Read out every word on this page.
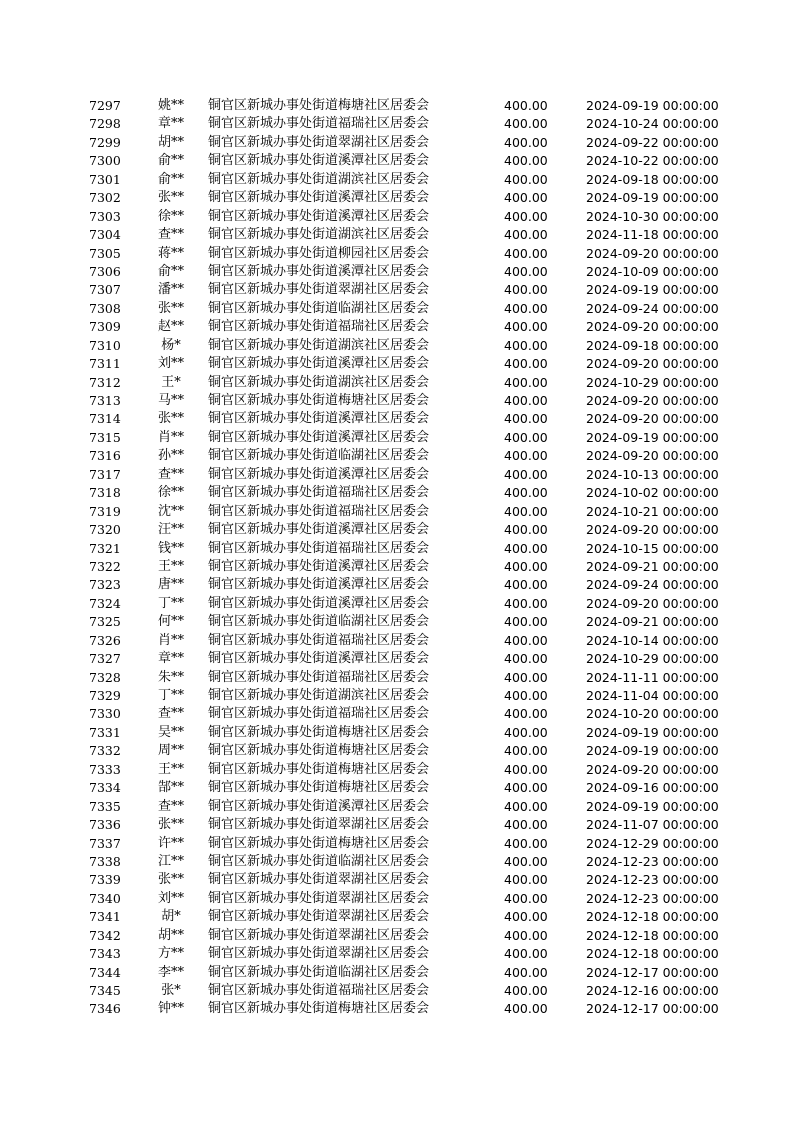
7297	姚** 铜官区新城办事处街道梅塘社区居委会	400.00	2024-09-19 00:00:00
7298	章** 铜官区新城办事处街道福瑞社区居委会	400.00	2024-10-24 00:00:00
7299	胡** 铜官区新城办事处街道翠湖社区居委会	400.00	2024-09-22 00:00:00
7300	俞** 铜官区新城办事处街道溪潭社区居委会	400.00	2024-10-22 00:00:00
7301	俞** 铜官区新城办事处街道湖滨社区居委会	400.00	2024-09-18 00:00:00
7302	张** 铜官区新城办事处街道溪潭社区居委会	400.00	2024-09-19 00:00:00
7303	徐** 铜官区新城办事处街道溪潭社区居委会	400.00	2024-10-30 00:00:00
7304	查** 铜官区新城办事处街道湖滨社区居委会	400.00	2024-11-18 00:00:00
7305	蒋** 铜官区新城办事处街道柳园社区居委会	400.00	2024-09-20 00:00:00
7306	俞** 铜官区新城办事处街道溪潭社区居委会	400.00	2024-10-09 00:00:00
7307	潘** 铜官区新城办事处街道翠湖社区居委会	400.00	2024-09-19 00:00:00
7308	张** 铜官区新城办事处街道临湖社区居委会	400.00	2024-09-24 00:00:00
7309	赵** 铜官区新城办事处街道福瑞社区居委会	400.00	2024-09-20 00:00:00
7310	杨*	铜官区新城办事处街道湖滨社区居委会	400.00	2024-09-18 00:00:00
7311	刘** 铜官区新城办事处街道溪潭社区居委会	400.00	2024-09-20 00:00:00
7312	王*	铜官区新城办事处街道湖滨社区居委会	400.00	2024-10-29 00:00:00
7313	马** 铜官区新城办事处街道梅塘社区居委会	400.00	2024-09-20 00:00:00
7314	张** 铜官区新城办事处街道溪潭社区居委会	400.00	2024-09-20 00:00:00
7315	肖** 铜官区新城办事处街道溪潭社区居委会	400.00	2024-09-19 00:00:00
7316	孙** 铜官区新城办事处街道临湖社区居委会	400.00	2024-09-20 00:00:00
7317	查** 铜官区新城办事处街道溪潭社区居委会	400.00	2024-10-13 00:00:00
7318	徐** 铜官区新城办事处街道福瑞社区居委会	400.00	2024-10-02 00:00:00
7319	沈** 铜官区新城办事处街道福瑞社区居委会	400.00	2024-10-21 00:00:00
7320	汪** 铜官区新城办事处街道溪潭社区居委会	400.00	2024-09-20 00:00:00
7321	钱** 铜官区新城办事处街道福瑞社区居委会	400.00	2024-10-15 00:00:00
7322	王** 铜官区新城办事处街道溪潭社区居委会	400.00	2024-09-21 00:00:00
7323	唐** 铜官区新城办事处街道溪潭社区居委会	400.00	2024-09-24 00:00:00
7324	丁** 铜官区新城办事处街道溪潭社区居委会	400.00	2024-09-20 00:00:00
7325	何** 铜官区新城办事处街道临湖社区居委会	400.00	2024-09-21 00:00:00
7326	肖** 铜官区新城办事处街道福瑞社区居委会	400.00	2024-10-14 00:00:00
7327	章** 铜官区新城办事处街道溪潭社区居委会	400.00	2024-10-29 00:00:00
7328	朱** 铜官区新城办事处街道福瑞社区居委会	400.00	2024-11-11 00:00:00
7329	丁** 铜官区新城办事处街道湖滨社区居委会	400.00	2024-11-04 00:00:00
7330	查** 铜官区新城办事处街道福瑞社区居委会	400.00	2024-10-20 00:00:00
7331	吴** 铜官区新城办事处街道梅塘社区居委会	400.00	2024-09-19 00:00:00
7332	周** 铜官区新城办事处街道梅塘社区居委会	400.00	2024-09-19 00:00:00
7333	王** 铜官区新城办事处街道梅塘社区居委会	400.00	2024-09-20 00:00:00
7334	郜** 铜官区新城办事处街道梅塘社区居委会	400.00	2024-09-16 00:00:00
7335	查** 铜官区新城办事处街道溪潭社区居委会	400.00	2024-09-19 00:00:00
7336	张** 铜官区新城办事处街道翠湖社区居委会	400.00	2024-11-07 00:00:00
7337	许** 铜官区新城办事处街道梅塘社区居委会	400.00	2024-12-29 00:00:00
7338	江** 铜官区新城办事处街道临湖社区居委会	400.00	2024-12-23 00:00:00
7339	张** 铜官区新城办事处街道翠湖社区居委会	400.00	2024-12-23 00:00:00
7340	刘** 铜官区新城办事处街道翠湖社区居委会	400.00	2024-12-23 00:00:00
7341	胡*	铜官区新城办事处街道翠湖社区居委会	400.00	2024-12-18 00:00:00
7342	胡** 铜官区新城办事处街道翠湖社区居委会	400.00	2024-12-18 00:00:00
7343	方** 铜官区新城办事处街道翠湖社区居委会	400.00	2024-12-18 00:00:00
7344	李** 铜官区新城办事处街道临湖社区居委会	400.00	2024-12-17 00:00:00
7345	张*	铜官区新城办事处街道福瑞社区居委会	400.00	2024-12-16 00:00:00
7346	钟** 铜官区新城办事处街道梅塘社区居委会	400.00	2024-12-17 00:00:00
